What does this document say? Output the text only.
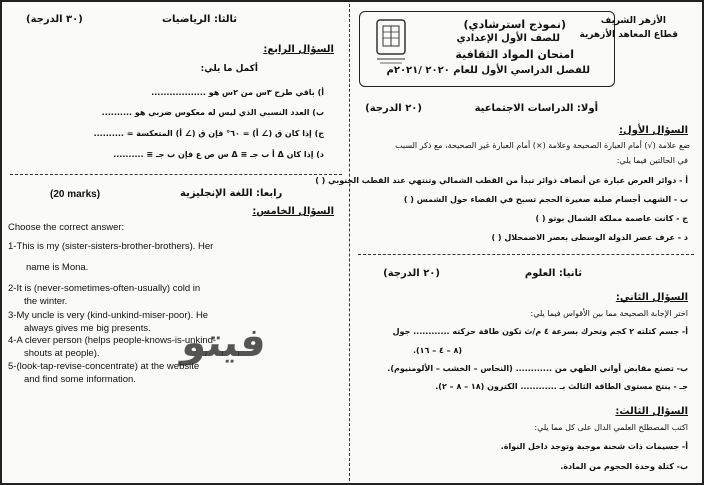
الأزهر الشريف
قطاع المعاهد الأزهرية
(نموذج استرشادي)
للصف الأول الإعدادي
امتحان المواد الثقافية
للفصل الدراسي الأول للعام ٢٠٢٠ /٢٠٢١م
أولا: الدراسات الاجتماعية
(٢٠ الدرجة)
السؤال الأول:
ضع علامة (√) أمام العبارة الصحيحة وعلامة (×) أمام العبارة غير الصحيحة، مع ذكر السبب
في الحالتين فيما يلي:
أ - دوائر العرض عبارة عن أنصاف دوائر تبدأ من القطب الشمالي وتنتهي عند القطب الجنوبي ( )
ب - الشهب أجسام صلبة صغيرة الحجم تسبح في الفضاء حول الشمس ( )
ج - كانت عاصمة مملكة الشمال بوتو ( )
د - عرف عصر الدولة الوسطى بعصر الاضمحلال ( )
ثانيا: العلوم
(٢٠ الدرجة)
السؤال الثاني:
اختر الإجابة الصحيحة مما بين الأقواس فيما يلي:
أ- جسم كتلته ٢ كجم وتحرك بسرعة ٤ م/ث تكون طاقة حركته ............ جول
(٨ – ٤ – ١٦).
ب- تصنع مقابض أواني الطهي من ............ (النحاس – الخشب – الألومنيوم).
جـ - ينتج مستوى الطاقة الثالث بـ ............ الكترون (١٨ – ٨ – ٢).
السؤال الثالث:
اكتب المصطلح العلمي الدال على كل مما يلي:
أ- جسيمات ذات شحنة موجبة وتوجد داخل النواة.
ب- كتلة وحدة الحجوم من المادة.
ثالثا: الرياضيات
(٣٠ الدرجة)
السؤال الرابع:
أكمل ما يلي:
أ) باقي طرح ٣س من ٢س هو ..................
ب) العدد النسبي الذي ليس له معكوس ضربي هو ..........
ج) إذا كان ق (∠ أ) = ٦٠° فإن ق (∠ أ) المتعكسة = ..........
د) إذا كان Δ أ ب جـ ≡ Δ س ص ع فإن ب جـ ≡ ..........
رابعا: اللغة الإنجليزية
(20 marks)
السؤال الخامس:
Choose the correct answer:
1-This is my (sister-sisters-brother-brothers). Her
name is Mona.
2-It is (never-sometimes-often-usually) cold in
the winter.
3-My uncle is very (kind-unkind-miser-poor). He
always gives me big presents.
4-A clever person (helps people-knows-is-unkind-
shouts at people).
5-(look-tap-revise-concentrate) at the website
and find some information.
فيتو
